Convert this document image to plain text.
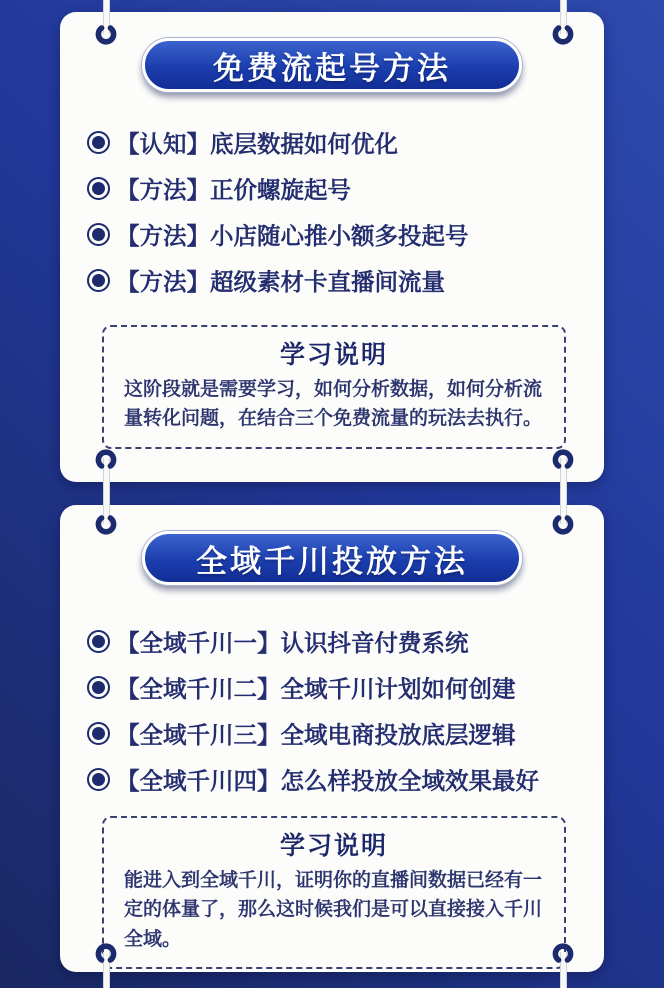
免费流起号方法
【认知】底层数据如何优化
【方法】正价螺旋起号
【方法】小店随心推小额多投起号
【方法】超级素材卡直播间流量
学习说明
这阶段就是需要学习，如何分析数据，如何分析流量转化问题，在结合三个免费流量的玩法去执行。
全域千川投放方法
【全域千川一】认识抖音付费系统
【全域千川二】全域千川计划如何创建
【全域千川三】全域电商投放底层逻辑
【全域千川四】怎么样投放全域效果最好
学习说明
能进入到全域千川，证明你的直播间数据已经有一定的体量了，那么这时候我们是可以直接接入千川全域。
